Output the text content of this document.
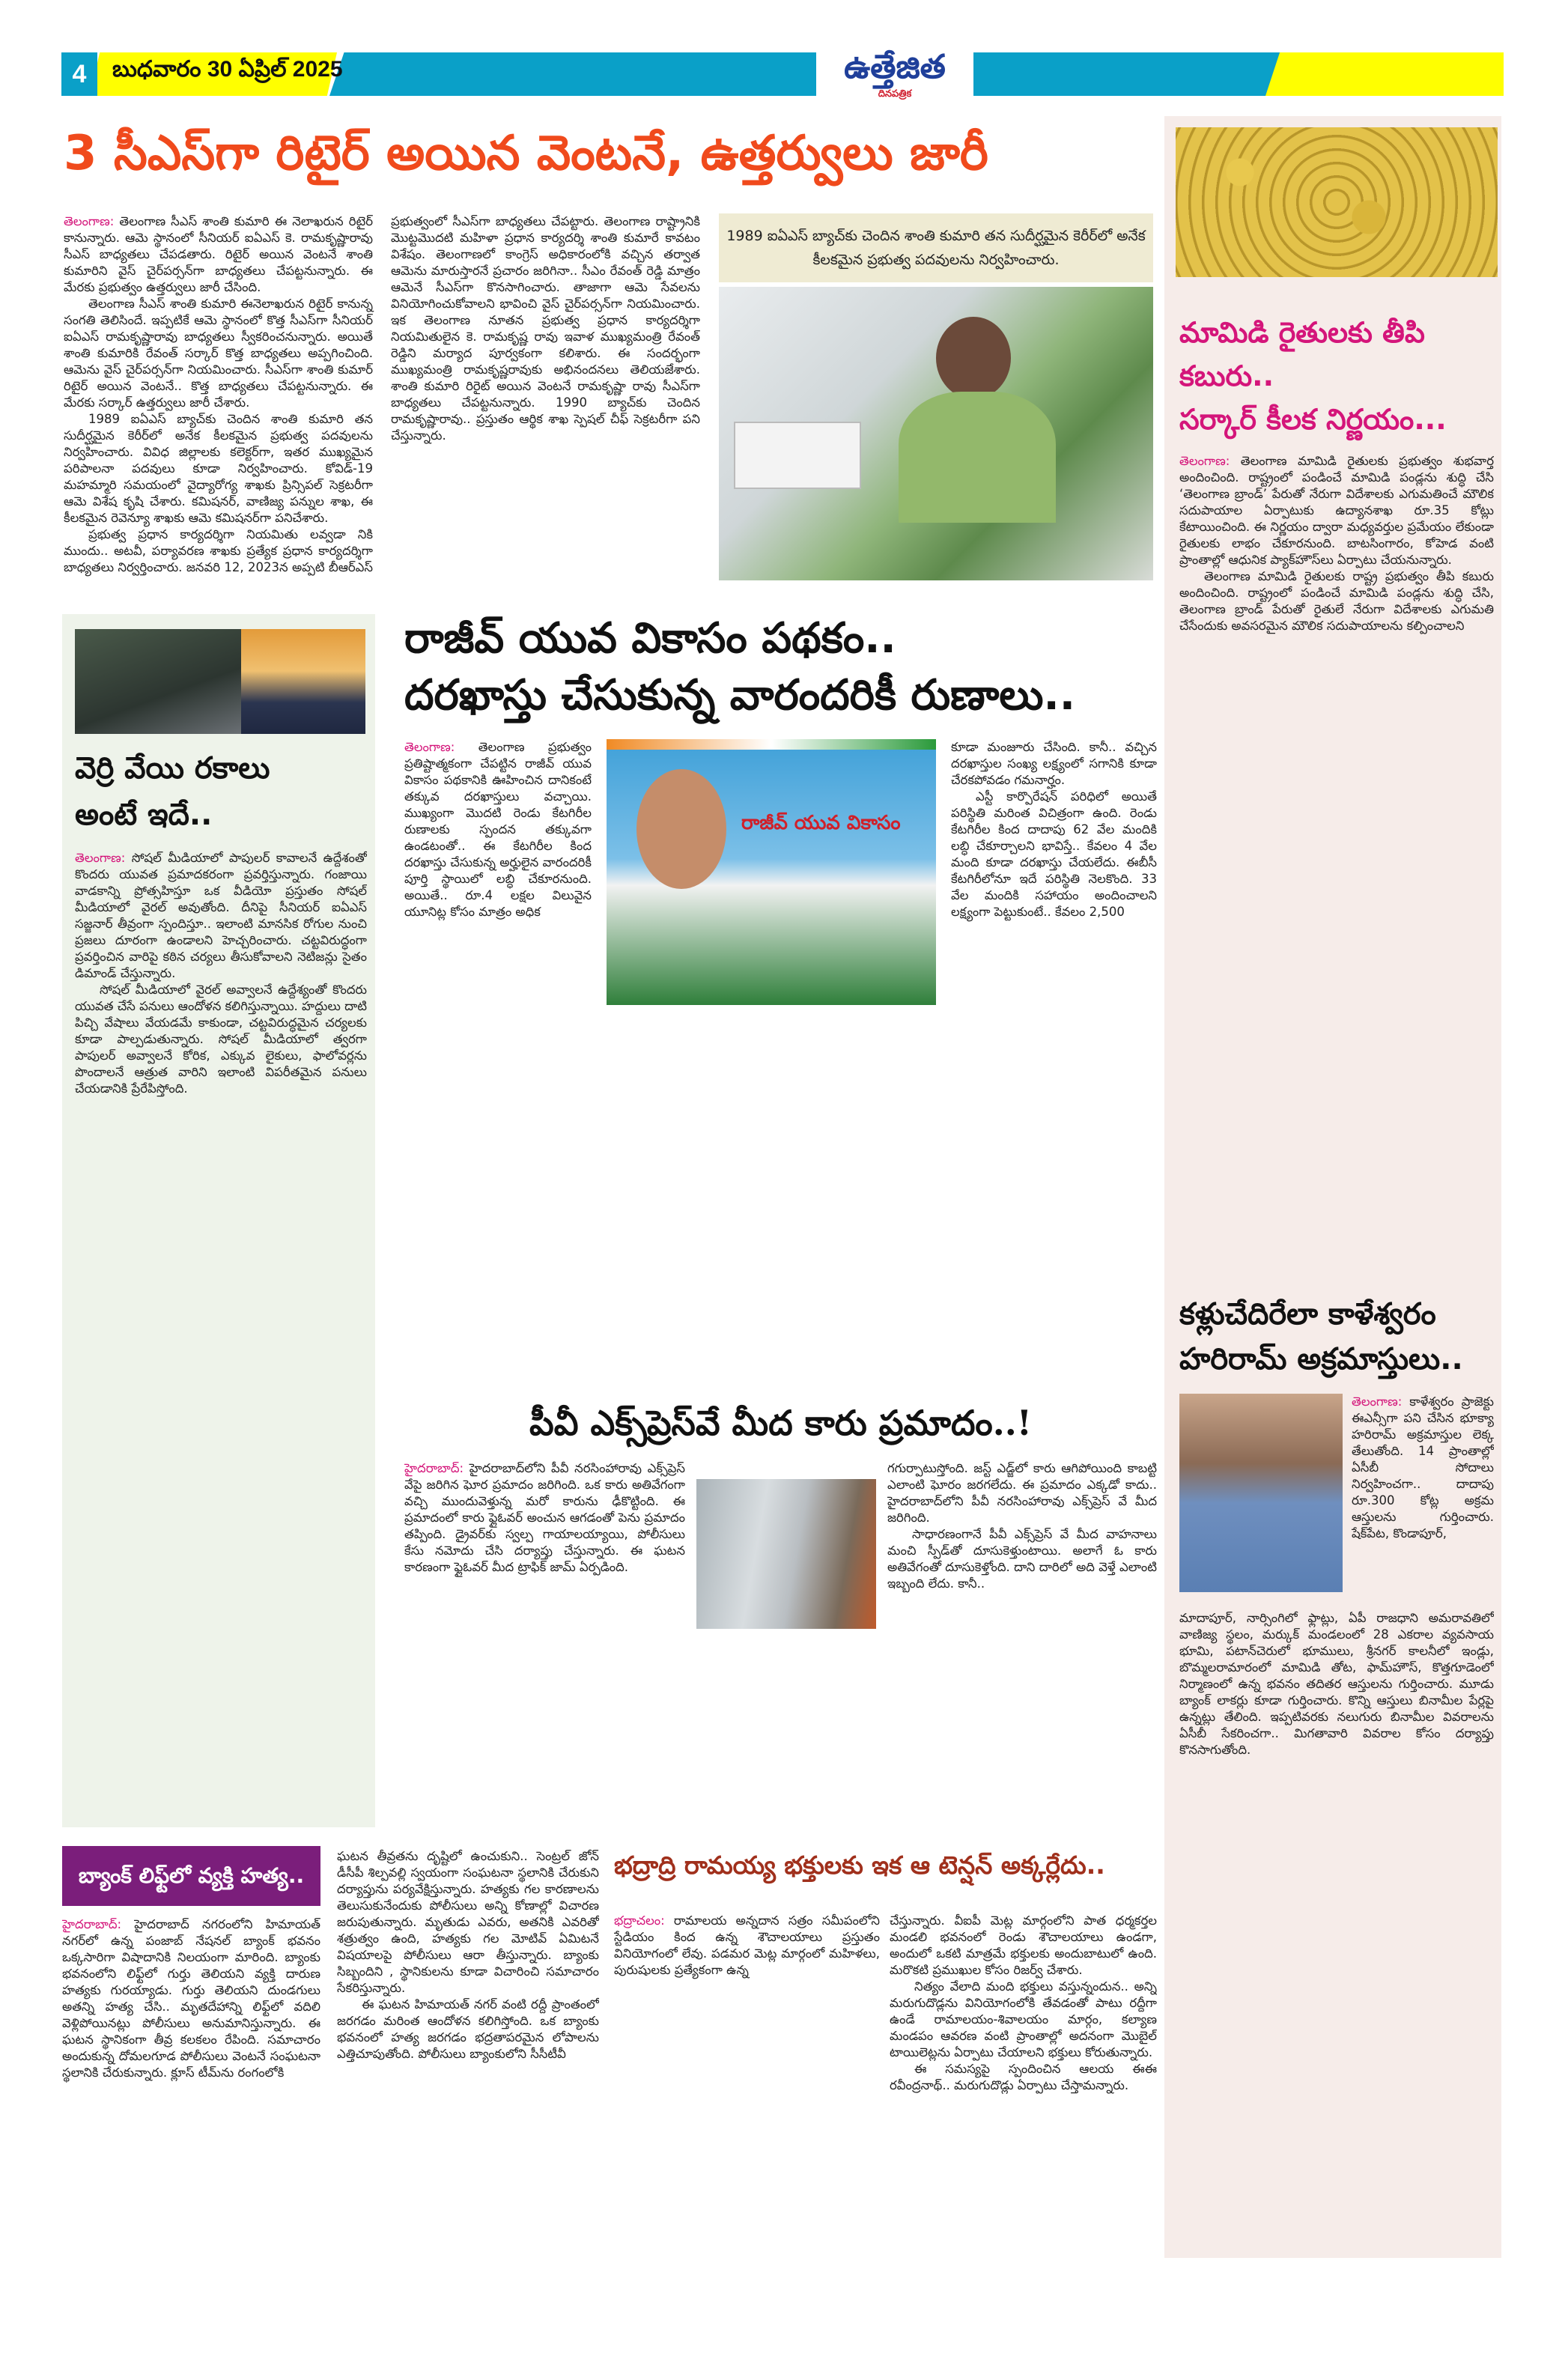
4	బుధవారం 30 ఏప్రిల్ 2025	ఉత్తేజిత
దినపత్రిక
3 సీఎస్‌గా రిటైర్ అయిన వెంటనే, ఉత్తర్వులు జారీ

తెలంగాణ: తెలంగాణ సీఎస్ శాంతి కుమారి ఈ నెలాఖరున రిటైర్ కానున్నారు. ఆమె స్థానంలో సీనియర్ ఐఏఎస్ కె. రామకృష్ణారావు సీఎస్ బాధ్యతలు చేపడతారు. రిటైర్ అయిన వెంటనే శాంతి కుమారిని వైస్ చైర్‌పర్సన్‌గా బాధ్యతలు చేపట్టనున్నారు. ఈ మేరకు ప్రభుత్వం ఉత్తర్వులు జారీ చేసింది.

తెలంగాణ సీఎస్ శాంతి కుమారి ఈనెలాఖరున రిటైర్ కానున్న సంగతి తెలిసిందే. ఇప్పటికే ఆమె స్థానంలో కొత్త సీఎస్‌గా సీనియర్ ఐఏఎస్ రామకృష్ణారావు బాధ్యతలు స్వీకరించనున్నారు. అయితే శాంతి కుమారికి రేవంత్ సర్కార్ కొత్త బాధ్యతలు అప్పగించింది. ఆమెను వైస్ చైర్‌పర్సన్‌గా నియమించారు. సీఎస్‌గా శాంతి కుమార్ రిటైర్ అయిన వెంటనే.. కొత్త బాధ్యతలు చేపట్టనున్నారు. ఈ మేరకు సర్కార్ ఉత్తర్వులు జారీ చేశారు.

1989 ఐఏఎస్ బ్యాచ్‌కు చెందిన శాంతి కుమారి తన సుదీర్ఘమైన కెరీర్‌లో అనేక కీలకమైన ప్రభుత్వ పదవులను నిర్వహించారు. వివిధ జిల్లాలకు కలెక్టర్‌గా, ఇతర ముఖ్యమైన పరిపాలనా పదవులు కూడా నిర్వహించారు. కోవిడ్-19 మహమ్మారి సమయంలో వైద్యారోగ్య శాఖకు ప్రిన్సిపల్ సెక్రటరీగా ఆమె విశేష కృషి చేశారు. కమిషనర్, వాణిజ్య పన్నుల శాఖ, ఈ కీలకమైన రెవెన్యూ శాఖకు ఆమె కమిషనర్‌గా పనిచేశారు.

ప్రభుత్వ ప్రధాన కార్యదర్శిగా నియమితు లవ్వడా నికి ముందు.. అటవీ, పర్యావరణ శాఖకు ప్రత్యేక ప్రధాన కార్యదర్శిగా బాధ్యతలు నిర్వర్తించారు. జనవరి 12, 2023న అప్పటి బీఆర్ఎస్ ప్రభుత్వంలో సీఎస్‌గా బాధ్యతలు చేపట్టారు. తెలంగాణ రాష్ట్రానికి మొట్టమొదటి మహిళా ప్రధాన కార్యదర్శి శాంతి కుమారే కావటం విశేషం. తెలంగాణలో కాంగ్రెస్ అధికారంలోకి వచ్చిన తర్వాత ఆమెను మారుస్తారనే ప్రచారం జరిగినా.. సీఎం రేవంత్ రెడ్డి మాత్రం ఆమెనే సీఎస్‌గా కొనసాగించారు. తాజాగా ఆమె సేవలను వినియోగించుకోవాలని భావించి వైస్ చైర్‌పర్సన్‌గా నియమించారు. ఇక తెలంగాణ నూతన ప్రభుత్వ ప్రధాన కార్యదర్శిగా నియమితులైన కె. రామకృష్ణ రావు ఇవాళ ముఖ్యమంత్రి రేవంత్ రెడ్డిని మర్యాద పూర్వకంగా కలిశారు. ఈ సందర్భంగా ముఖ్యమంత్రి రామకృష్ణరావుకు అభినందనలు తెలియజేశారు. శాంతి కుమారి రిరైట్ అయిన వెంటనే రామకృష్ణా రావు సీఎస్‌గా బాధ్యతలు చేపట్టనున్నారు. 1990 బ్యాచ్‌కు చెందిన రామకృష్ణారావు.. ప్రస్తుతం ఆర్థిక శాఖ స్పెషల్ చీఫ్ సెక్రటరీగా పని చేస్తున్నారు.

1989 ఐఏఎస్ బ్యాచ్‌కు చెందిన శాంతి కుమారి తన సుదీర్ఘమైన కెరీర్‌లో అనేక కీలకమైన ప్రభుత్వ పదవులను నిర్వహించారు.
మామిడి రైతులకు తీపి కబురు..
సర్కార్ కీలక నిర్ణయం...

తెలంగాణ: తెలంగాణ మామిడి రైతులకు ప్రభుత్వం శుభవార్త అందించింది. రాష్ట్రంలో పండించే మామిడి పండ్లను శుద్ధి చేసి ‘తెలంగాణ బ్రాండ్’ పేరుతో నేరుగా విదేశాలకు ఎగుమతించే మౌలిక సదుపాయాల ఏర్పాటుకు ఉద్యానశాఖ రూ.35 కోట్లు కేటాయించింది. ఈ నిర్ణయం ద్వారా మధ్యవర్తుల ప్రమేయం లేకుండా రైతులకు లాభం చేకూరనుంది. బాటసింగారం, కోహెడ వంటి ప్రాంతాల్లో ఆధునిక ప్యాక్‌హౌస్‌లు ఏర్పాటు చేయనున్నారు.

తెలంగాణ మామిడి రైతులకు రాష్ట్ర ప్రభుత్వం తీపి కబురు అందించింది. రాష్ట్రంలో పండించే మామిడి పండ్లను శుద్ధి చేసి, తెలంగాణ బ్రాండ్ పేరుతో రైతులే నేరుగా విదేశాలకు ఎగుమతి చేసేందుకు అవసరమైన మౌలిక సదుపాయాలను కల్పించాలని

కళ్లుచేదిరేలా కాళేశ్వరం
హరిరామ్ అక్రమాస్తులు..

తెలంగాణ: కాళేశ్వరం ప్రాజెక్టు ఈఎన్సీగా పని చేసిన భూక్యా హరిరామ్ అక్రమాస్తుల లెక్క తేలుతోంది. 14 ప్రాంతాల్లో ఏసీబీ సోదాలు నిర్వహించగా.. దాదాపు రూ.300 కోట్ల అక్రమ ఆస్తులను గుర్తించారు. షేక్‌పేట, కొండాపూర్,

మాదాపూర్, నార్సింగిలో ఫ్లాట్లు, ఏపీ రాజధాని అమరావతిలో వాణిజ్య స్థలం, మర్కుక్ మండలంలో 28 ఎకరాల వ్యవసాయ భూమి, పటాన్‌చెరులో భూములు, శ్రీనగర్ కాలనీలో ఇండ్లు, బొమ్మలరామారంలో మామిడి తోట, ఫామ్‌హౌస్, కొత్తగూడెంలో నిర్మాణంలో ఉన్న భవనం తదితర ఆస్తులను గుర్తించారు. మూడు బ్యాంక్ లాకర్లు కూడా గుర్తించారు. కొన్ని ఆస్తులు బినామీల పేర్లపై ఉన్నట్లు తేలింది. ఇప్పటివరకు నలుగురు బినామీల వివరాలను ఏసీబీ సేకరించగా.. మిగతావారి వివరాల కోసం దర్యాప్తు కొనసాగుతోంది.

వెర్రి వేయి రకాలు
అంటే ఇదే..

తెలంగాణ: సోషల్ మీడియాలో పాపులర్ కావాలనే ఉద్దేశంతో కొందరు యువత ప్రమాదకరంగా ప్రవర్తిస్తున్నారు. గంజాయి వాడకాన్ని ప్రోత్సహిస్తూ ఒక వీడియో ప్రస్తుతం సోషల్ మీడియాలో వైరల్ అవుతోంది. దీనిపై సీనియర్ ఐఏఎస్ సజ్జనార్ తీవ్రంగా స్పందిస్తూ.. ఇలాంటి మానసిక రోగుల నుంచి ప్రజలు దూరంగా ఉండాలని హెచ్చరించారు. చట్టవిరుద్ధంగా ప్రవర్తించిన వారిపై కఠిన చర్యలు తీసుకోవాలని నెటిజన్లు సైతం డిమాండ్ చేస్తున్నారు.

సోషల్ మీడియాలో వైరల్ అవ్వాలనే ఉద్దేశ్యంతో కొందరు యువత చేసే పనులు ఆందోళన కలిగిస్తున్నాయి. హద్దులు దాటి పిచ్చి వేషాలు వేయడమే కాకుండా, చట్టవిరుద్ధమైన చర్యలకు కూడా పాల్పడుతున్నారు. సోషల్ మీడియాలో త్వరగా పాపులర్ అవ్వాలనే కోరిక, ఎక్కువ లైకులు, ఫాలోవర్లను పొందాలనే ఆత్రుత వారిని ఇలాంటి విపరీతమైన పనులు చేయడానికి ప్రేరేపిస్తోంది.

రాజీవ్ యువ వికాసం పథకం..
దరఖాస్తు చేసుకున్న వారందరికీ రుణాలు..

తెలంగాణ: తెలంగాణ ప్రభుత్వం ప్రతిష్టాత్మకంగా చేపట్టిన రాజీవ్ యువ వికాసం పథకానికి ఊహించిన దానికంటే తక్కువ దరఖాస్తులు వచ్చాయి. ముఖ్యంగా మొదటి రెండు కేటగిరీల రుణాలకు స్పందన తక్కువగా ఉండటంతో.. ఈ కేటగిరీల కింద దరఖాస్తు చేసుకున్న అర్హులైన వారందరికీ పూర్తి స్థాయిలో లబ్ధి చేకూరనుంది. అయితే.. రూ.4 లక్షల విలువైన యూనిట్ల కోసం మాత్రం అధిక

రాజీవ్ యువ వికాసం

కూడా మంజూరు చేసింది. కానీ.. వచ్చిన దరఖాస్తుల సంఖ్య లక్ష్యంలో సగానికి కూడా చేరకపోవడం గమనార్హం.

ఎస్టీ కార్పొరేషన్ పరిధిలో అయితే పరిస్థితి మరింత విచిత్రంగా ఉంది. రెండు కేటగిరీల కింద దాదాపు 62 వేల మందికి లబ్ధి చేకూర్చాలని భావిస్తే.. కేవలం 4 వేల మంది కూడా దరఖాస్తు చేయలేదు. ఈబీసీ కేటగిరీలోనూ ఇదే పరిస్థితి నెలకొంది. 33 వేల మందికి సహాయం అందించాలని లక్ష్యంగా పెట్టుకుంటే.. కేవలం 2,500

పీవీ ఎక్స్‌ప్రెస్‌వే మీద కారు ప్రమాదం..!

హైదరాబాద్: హైదరాబాద్‌లోని పీవీ నరసింహారావు ఎక్స్‌ప్రెస్ వేపై జరిగిన ఘోర ప్రమాదం జరిగింది. ఒక కారు అతివేగంగా వచ్చి ముందువెళ్తున్న మరో కారును ఢీకొట్టింది. ఈ ప్రమాదంలో కారు ఫ్లైఓవర్ అంచున ఆగడంతో పెను ప్రమాదం తప్పింది. డ్రైవర్‌కు స్వల్ప గాయాలయ్యాయి, పోలీసులు కేసు నమోదు చేసి దర్యాప్తు చేస్తున్నారు. ఈ ఘటన కారణంగా ఫ్లైఓవర్ మీద ట్రాఫిక్ జామ్ ఏర్పడింది.

గగుర్పాటుస్తోంది. జస్ట్ ఎడ్జ్‌లో కారు ఆగిపోయింది కాబట్టి ఎలాంటి ఘోరం జరగలేదు. ఈ ప్రమాదం ఎక్కడో కాదు.. హైదరాబాద్‌లోని పీవీ నరసింహారావు ఎక్స్‌ప్రెస్ వే మీద జరిగింది.

సాధారణంగానే పీవీ ఎక్స్‌ప్రెస్ వే మీద వాహనాలు మంచి స్పీడ్‌తో దూసుకెళ్తుంటాయి. అలాగే ఓ కారు అతివేగంతో దూసుకెళ్తోంది. దాని దారిలో అది వెళ్తే ఎలాంటి ఇబ్బంది లేదు. కానీ..

బ్యాంక్ లిఫ్ట్‌లో వ్యక్తి హత్య..

హైదరాబాద్: హైదరాబాద్ నగరంలోని హిమాయత్ నగర్‌లో ఉన్న పంజాబ్ నేషనల్ బ్యాంక్ భవనం ఒక్కసారిగా విషాదానికి నిలయంగా మారింది. బ్యాంకు భవనంలోని లిఫ్ట్‌లో గుర్తు తెలియని వ్యక్తి దారుణ హత్యకు గురయ్యాడు. గుర్తు తెలియని దుండగులు అతన్ని హత్య చేసి.. మృతదేహాన్ని లిఫ్ట్‌లో వదిలి వెళ్లిపోయినట్లు పోలీసులు అనుమానిస్తున్నారు. ఈ ఘటన స్థానికంగా తీవ్ర కలకలం రేపింది. సమాచారం అందుకున్న దోమలగూడ పోలీసులు వెంటనే సంఘటనా స్థలానికి చేరుకున్నారు. క్లూస్ టీమ్‌ను రంగంలోకి

ఘటన తీవ్రతను దృష్టిలో ఉంచుకుని.. సెంట్రల్ జోన్ డీసీపీ శిల్పవల్లి స్వయంగా సంఘటనా స్థలానికి చేరుకుని దర్యాప్తును పర్యవేక్షిస్తున్నారు. హత్యకు గల కారణాలను తెలుసుకునేందుకు పోలీసులు అన్ని కోణాల్లో విచారణ జరుపుతున్నారు. మృతుడు ఎవరు, అతనికి ఎవరితో శత్రుత్వం ఉంది, హత్యకు గల మోటివ్ ఏమిటనే విషయాలపై పోలీసులు ఆరా తీస్తున్నారు. బ్యాంకు సిబ్బందిని , స్థానికులను కూడా విచారించి సమాచారం సేకరిస్తున్నారు.

ఈ ఘటన హిమాయత్ నగర్ వంటి రద్దీ ప్రాంతంలో జరగడం మరింత ఆందోళన కలిగిస్తోంది. ఒక బ్యాంకు భవనంలో హత్య జరగడం భద్రతాపరమైన లోపాలను ఎత్తిచూపుతోంది. పోలీసులు బ్యాంకులోని సీసీటీవీ

భద్రాద్రి రామయ్య భక్తులకు ఇక ఆ టెన్షన్ అక్కర్లేదు..

భద్రాచలం: రామాలయ అన్నదాన సత్రం సమీపంలోని స్టేడియం కింద ఉన్న శౌచాలయాలు ప్రస్తుతం వినియోగంలో లేవు. పడమర మెట్ల మార్గంలో మహిళలు, పురుషులకు ప్రత్యేకంగా ఉన్న

చేస్తున్నారు. వీఐపీ మెట్ల మార్గంలోని పాత ధర్మకర్తల మండలి భవనంలో రెండు శౌచాలయాలు ఉండగా, అందులో ఒకటి మాత్రమే భక్తులకు అందుబాటులో ఉంది. మరొకటి ప్రముఖుల కోసం రిజర్వ్ చేశారు.

నిత్యం వేలాది మంది భక్తులు వస్తున్నందున.. అన్ని మరుగుదొడ్లను వినియోగంలోకి తేవడంతో పాటు రద్దీగా ఉండే రామాలయం-శివాలయం మార్గం, కల్యాణ మండపం ఆవరణ వంటి ప్రాంతాల్లో అదనంగా మొబైల్ టాయిలెట్లను ఏర్పాటు చేయాలని భక్తులు కోరుతున్నారు.

ఈ సమస్యపై స్పందించిన ఆలయ ఈఈ రవీంద్రనాథ్.. మరుగుదొడ్లు ఏర్పాటు చేస్తామన్నారు.
